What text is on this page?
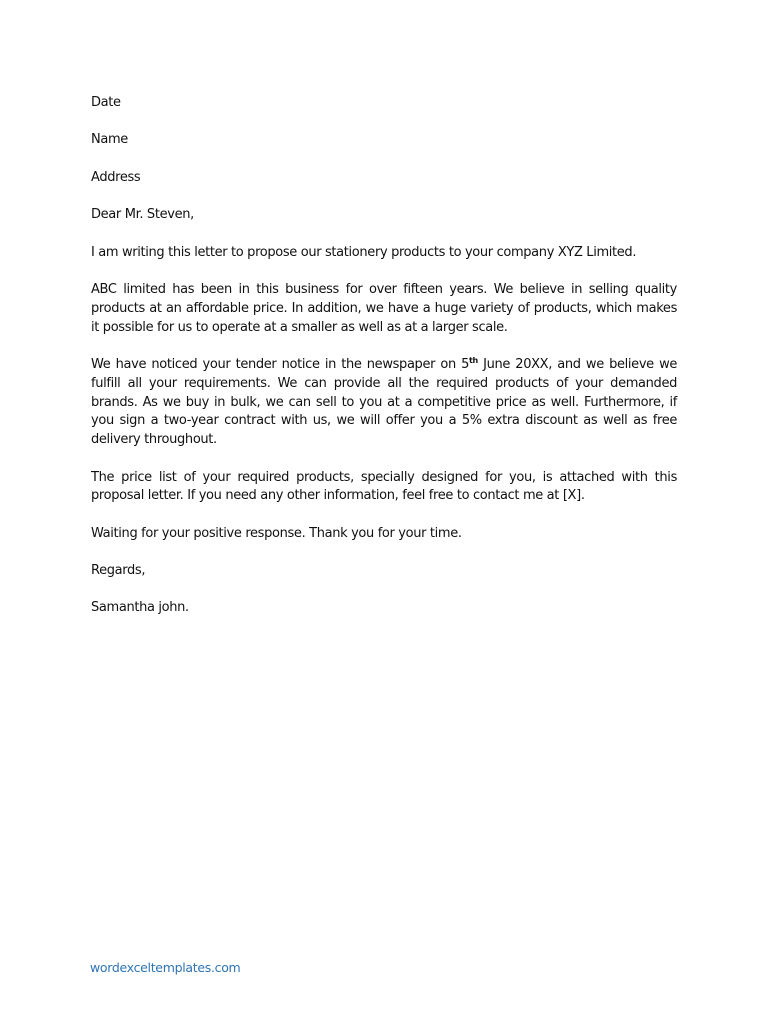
Date

Name

Address

Dear Mr. Steven,

I am writing this letter to propose our stationery products to your company XYZ Limited.

ABC limited has been in this business for over fifteen years. We believe in selling quality products at an affordable price. In addition, we have a huge variety of products, which makes it possible for us to operate at a smaller as well as at a larger scale.

We have noticed your tender notice in the newspaper on 5th June 20XX, and we believe we fulfill all your requirements. We can provide all the required products of your demanded brands. As we buy in bulk, we can sell to you at a competitive price as well. Furthermore, if you sign a two-year contract with us, we will offer you a 5% extra discount as well as free delivery throughout.

The price list of your required products, specially designed for you, is attached with this proposal letter. If you need any other information, feel free to contact me at [X].

Waiting for your positive response. Thank you for your time.

Regards,

Samantha john.

wordexceltemplates.com
